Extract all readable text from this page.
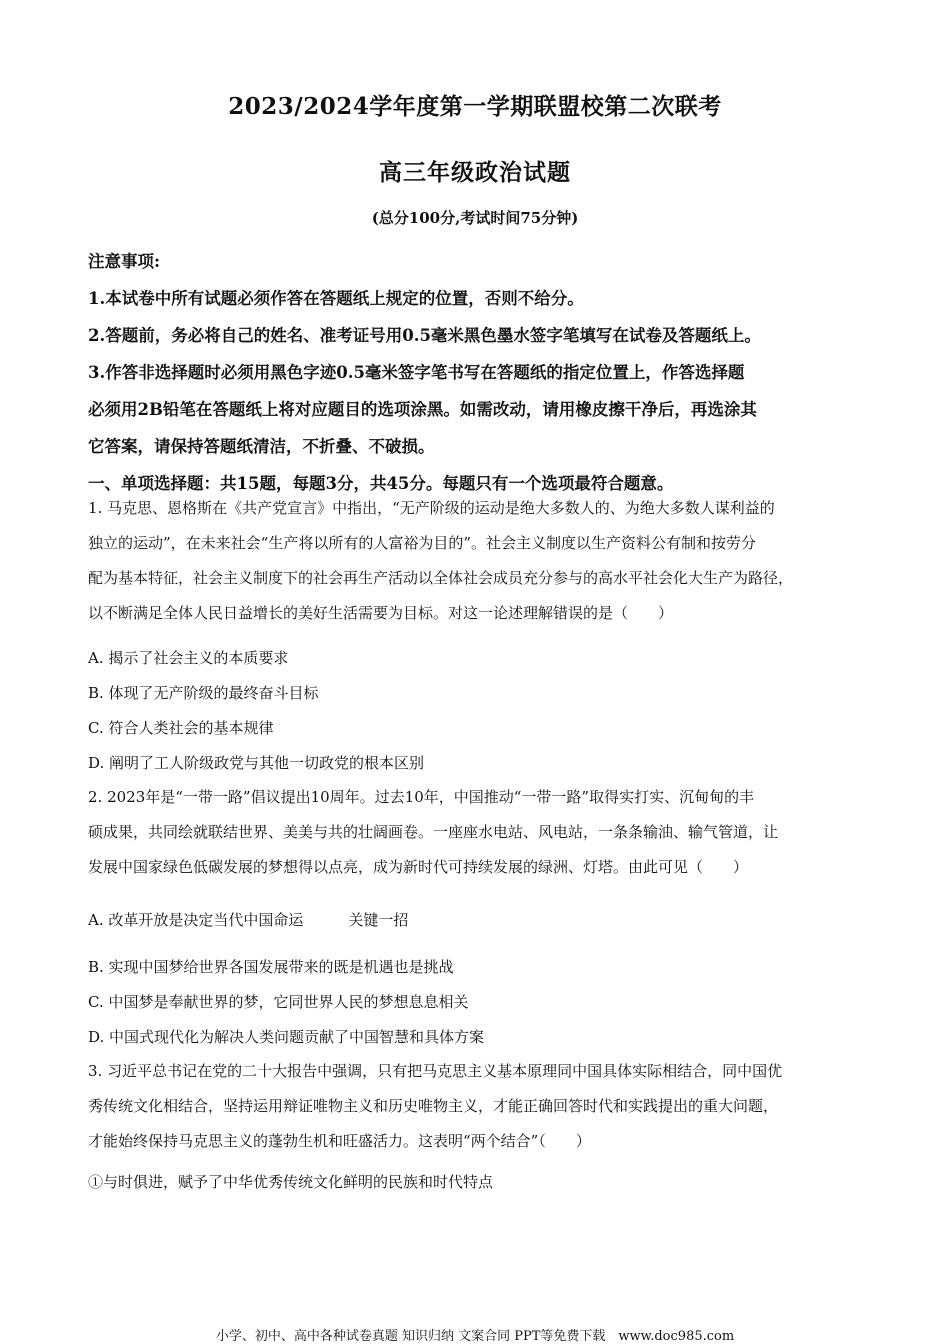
2023/2024学年度第一学期联盟校第二次联考
高三年级政治试题
(总分100分,考试时间75分钟)
注意事项:
1.本试卷中所有试题必须作答在答题纸上规定的位置，否则不给分。
2.答题前，务必将自己的姓名、准考证号用0.5毫米黑色墨水签字笔填写在试卷及答题纸上。
3.作答非选择题时必须用黑色字迹0.5毫米签字笔书写在答题纸的指定位置上，作答选择题
必须用2B铅笔在答题纸上将对应题目的选项涂黑。如需改动，请用橡皮擦干净后，再选涂其
它答案，请保持答题纸清洁，不折叠、不破损。
一、单项选择题：共15题，每题3分，共45分。每题只有一个选项最符合题意。
1. 马克思、恩格斯在《共产党宣言》中指出，“无产阶级的运动是绝大多数人的、为绝大多数人谋利益的
独立的运动”，在未来社会“生产将以所有的人富裕为目的”。社会主义制度以生产资料公有制和按劳分
配为基本特征，社会主义制度下的社会再生产活动以全体社会成员充分参与的高水平社会化大生产为路径，
以不断满足全体人民日益增长的美好生活需要为目标。对这一论述理解错误的是（　　）
A. 揭示了社会主义的本质要求
B. 体现了无产阶级的最终奋斗目标
C. 符合人类社会的基本规律
D. 阐明了工人阶级政党与其他一切政党的根本区别
2. 2023年是“一带一路”倡议提出10周年。过去10年，中国推动“一带一路”取得实打实、沉甸甸的丰
硕成果，共同绘就联结世界、美美与共的壮阔画卷。一座座水电站、风电站，一条条输油、输气管道，让
发展中国家绿色低碳发展的梦想得以点亮，成为新时代可持续发展的绿洲、灯塔。由此可见（　　）
A. 改革开放是决定当代中国命运　　　关键一招
B. 实现中国梦给世界各国发展带来的既是机遇也是挑战
C. 中国梦是奉献世界的梦，它同世界人民的梦想息息相关
D. 中国式现代化为解决人类问题贡献了中国智慧和具体方案
3. 习近平总书记在党的二十大报告中强调，只有把马克思主义基本原理同中国具体实际相结合，同中国优
秀传统文化相结合，坚持运用辩证唯物主义和历史唯物主义，才能正确回答时代和实践提出的重大问题，
才能始终保持马克思主义的蓬勃生机和旺盛活力。这表明“两个结合”（　　）
①与时俱进，赋予了中华优秀传统文化鲜明的民族和时代特点
小学、初中、高中各种试卷真题 知识归纳 文案合同 PPT等免费下载　www.doc985.com
